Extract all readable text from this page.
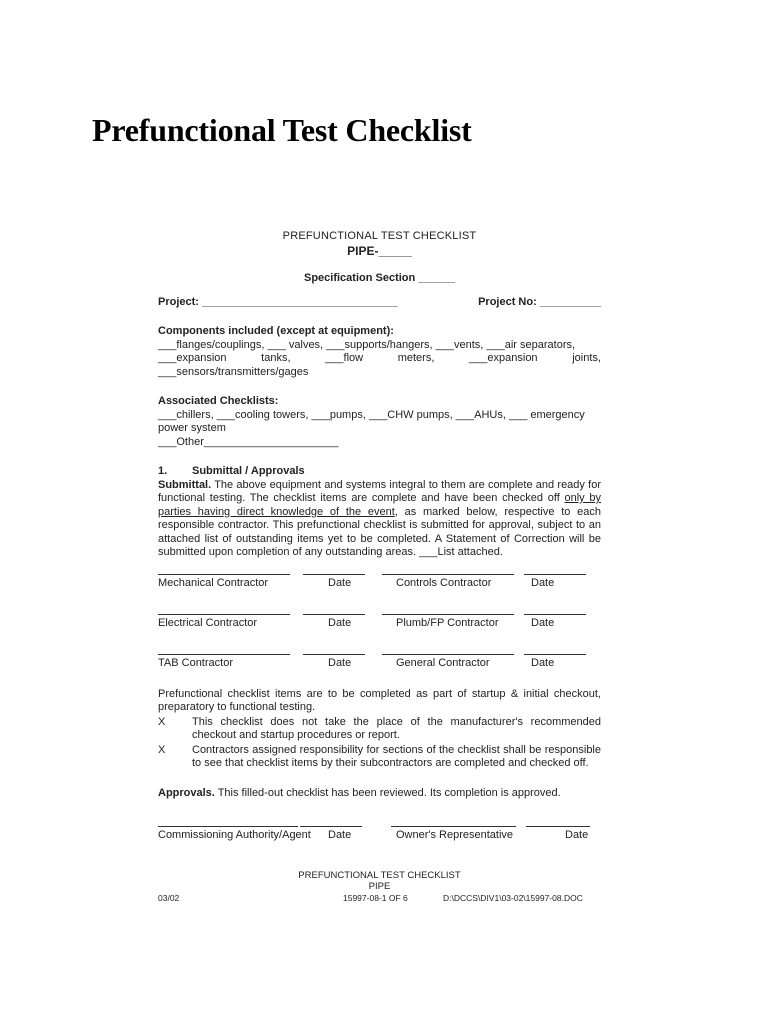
Prefunctional Test Checklist
PREFUNCTIONAL TEST CHECKLIST
PIPE-_____
Specification Section ______
Project: ________________________________	Project No: __________
Components included (except at equipment):
___flanges/couplings, ___ valves, ___supports/hangers, ___vents, ___air separators,
___expansion	tanks,	___flow	meters,	___expansion	joints,
___sensors/transmitters/gages
Associated Checklists:
___chillers, ___cooling towers, ___pumps, ___CHW pumps, ___AHUs, ___ emergency
power system
___Other______________________
1. Submittal / Approvals
Submittal. The above equipment and systems integral to them are complete and ready for functional testing. The checklist items are complete and have been checked off only by parties having direct knowledge of the event, as marked below, respective to each responsible contractor. This prefunctional checklist is submitted for approval, subject to an attached list of outstanding items yet to be completed. A Statement of Correction will be submitted upon completion of any outstanding areas. ___List attached.
Mechanical Contractor	Date	Controls Contractor	Date
Electrical Contractor	Date	Plumb/FP Contractor	Date
TAB Contractor	Date	General Contractor	Date
Prefunctional checklist items are to be completed as part of startup & initial checkout, preparatory to functional testing.
X	This checklist does not take the place of the manufacturer's recommended checkout and startup procedures or report.
X	Contractors assigned responsibility for sections of the checklist shall be responsible to see that checklist items by their subcontractors are completed and checked off.
Approvals. This filled-out checklist has been reviewed. Its completion is approved.
Commissioning Authority/Agent Date	Owner's Representative	Date
PREFUNCTIONAL TEST CHECKLIST
PIPE
03/02	15997-08-1 OF 6	D:\DCCS\DIV1\03-02\15997-08.DOC
